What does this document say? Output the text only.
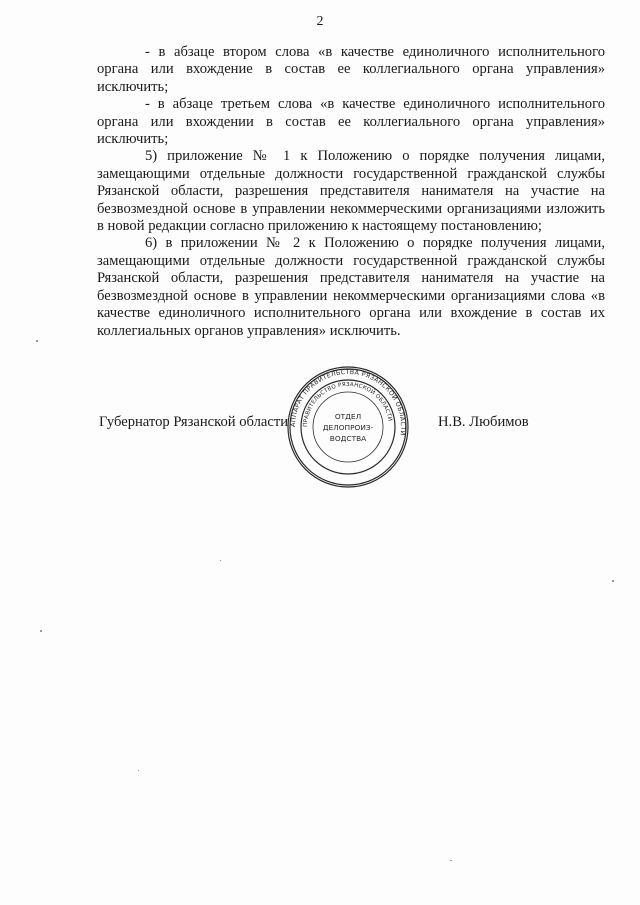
2

- в абзаце втором слова «в качестве единоличного исполнительного органа или вхождение в состав ее коллегиального органа управления» исключить;

- в абзаце третьем слова «в качестве единоличного исполнительного органа или вхождении в состав ее коллегиального органа управления» исключить;

5) приложение № 1 к Положению о порядке получения лицами, замещающими отдельные должности государственной гражданской службы Рязанской области, разрешения представителя нанимателя на участие на безвозмездной основе в управлении некоммерческими организациями изложить в новой редакции согласно приложению к настоящему постановлению;

6) в приложении № 2 к Положению о порядке получения лицами, замещающими отдельные должности государственной гражданской службы Рязанской области, разрешения представителя нанимателя на участие на безвозмездной основе в управлении некоммерческими организациями слова «в качестве единоличного исполнительного органа или вхождение в состав их коллегиальных органов управления» исключить.

Губернатор Рязанской области	Н.В. Любимов
АППАРАТ ПРАВИТЕЛЬСТВА РЯЗАНСКОЙ ОБЛАСТИ
ПРАВИТЕЛЬСТВО РЯЗАНСКОЙ ОБЛАСТИ
ОТДЕЛ
ДЕЛОПРОИЗ-
ВОДСТВА
